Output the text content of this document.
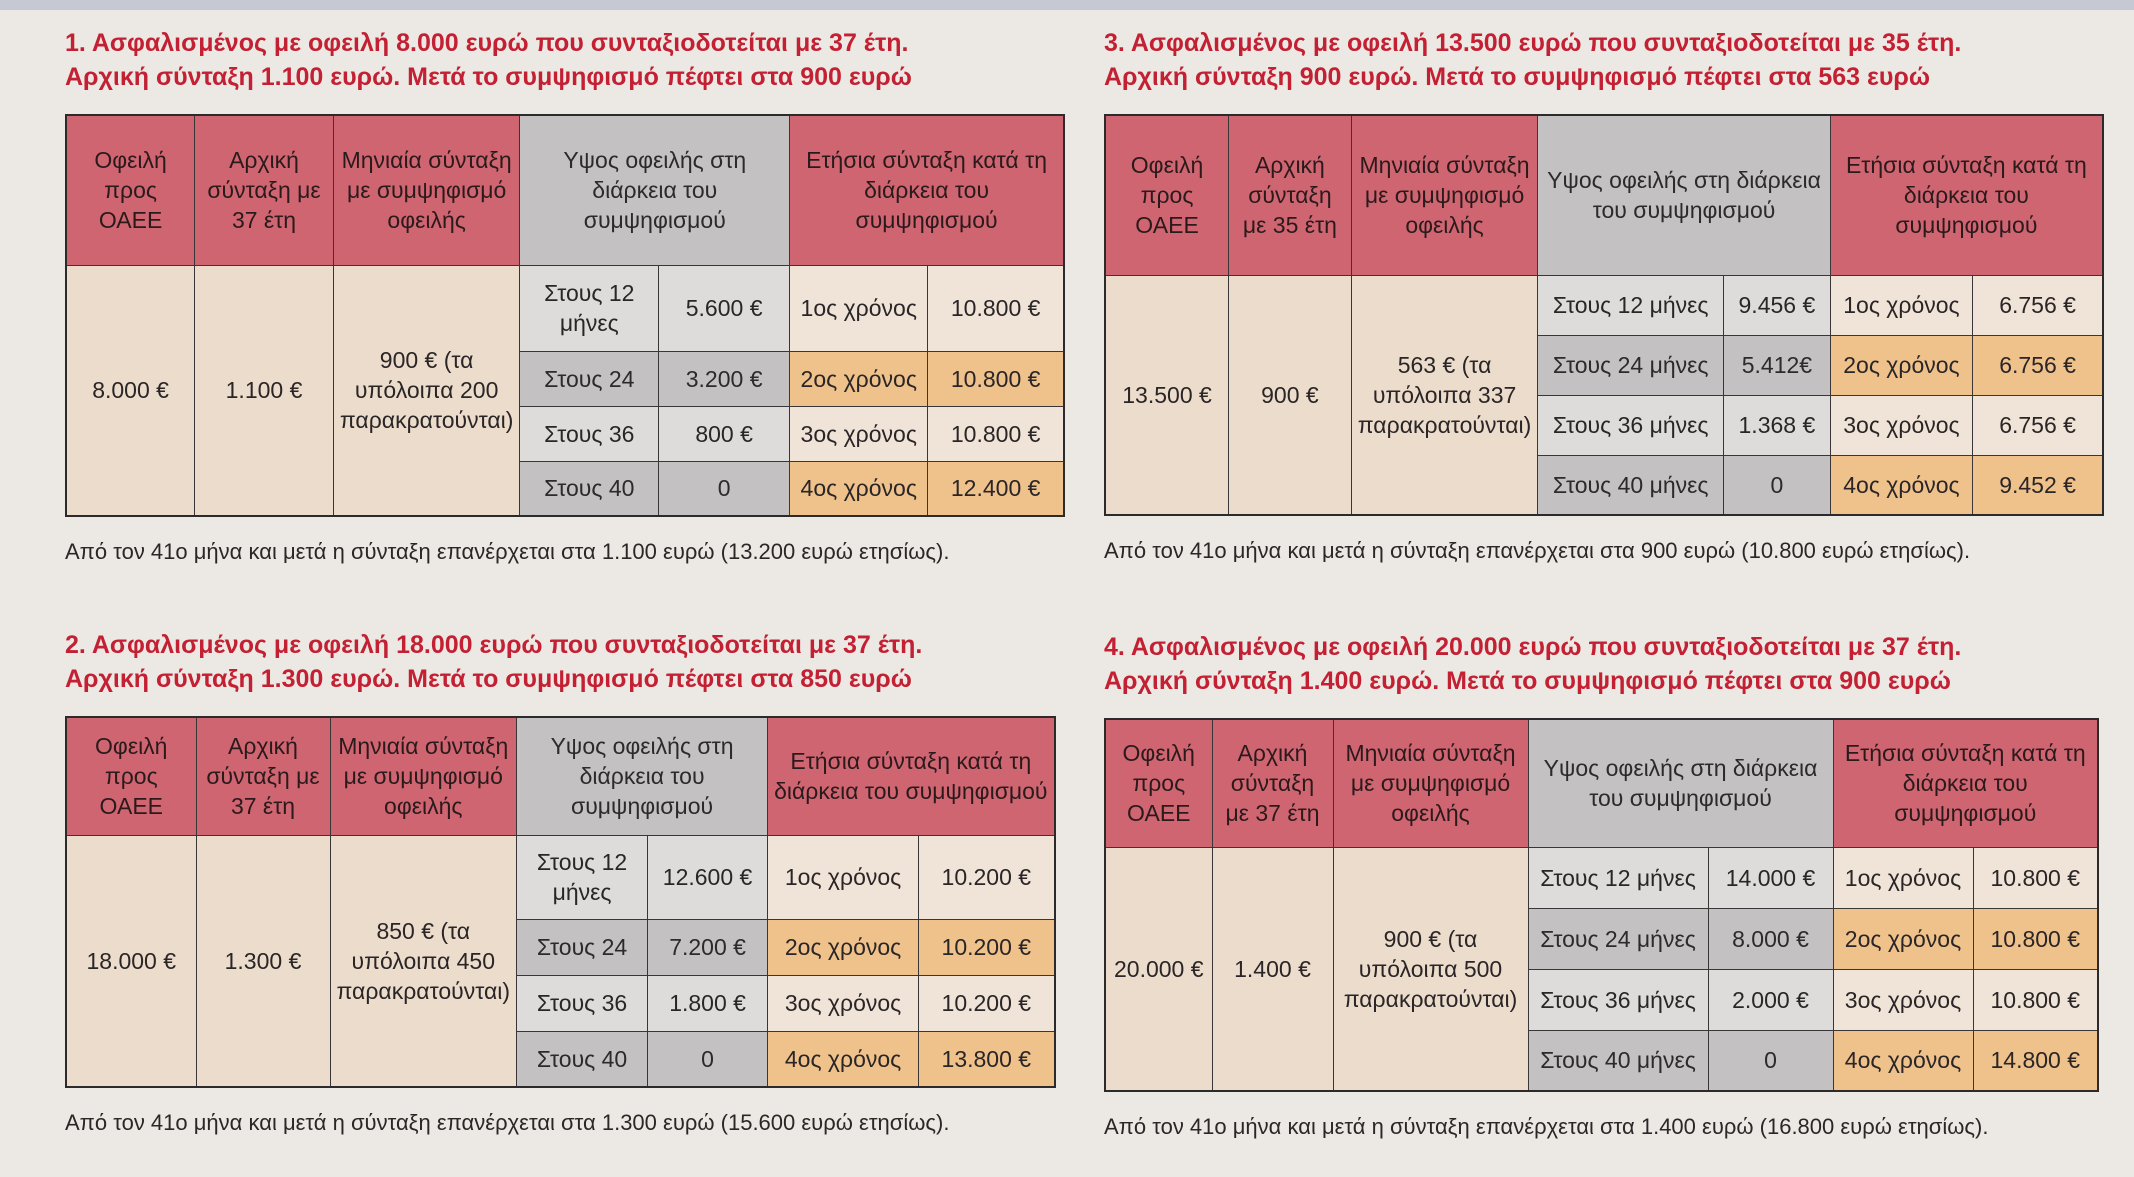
1. Ασφαλισμένος με οφειλή 8.000 ευρώ που συνταξιοδοτείται με 37 έτη.

Αρχική σύνταξη 1.100 ευρώ. Μετά το συμψηφισμό πέφτει στα 900 ευρώ

Οφειλή προς ΟΑΕΕ	Αρχική σύνταξη με 37 έτη	Μηνιαία σύνταξη με συμψηφισμό οφειλής	Υψος οφειλής στη διάρκεια του συμψηφισμού		Ετήσια σύνταξη κατά τη διάρκεια του συμψηφισμού	
8.000 €	1.100 €	900 € (τα υπόλοιπα 200 παρακρατούνται)	Στους 12 μήνες	5.600 €	1ος χρόνος	10.800 €
			Στους 24	3.200 €	2ος χρόνος	10.800 €
			Στους 36	800 €	3ος χρόνος	10.800 €
			Στους 40	0	4ος χρόνος	12.400 €
Από τον 41ο μήνα και μετά η σύνταξη επανέρχεται στα 1.100 ευρώ (13.200 ευρώ ετησίως).

2. Ασφαλισμένος με οφειλή 18.000 ευρώ που συνταξιοδοτείται με 37 έτη.

Αρχική σύνταξη 1.300 ευρώ. Μετά το συμψηφισμό πέφτει στα 850 ευρώ

Οφειλή προς ΟΑΕΕ	Αρχική σύνταξη με 37 έτη	Μηνιαία σύνταξη με συμψηφισμό οφειλής	Υψος οφειλής στη διάρκεια του συμψηφισμού		Ετήσια σύνταξη κατά τη διάρκεια του συμψηφισμού	
18.000 €	1.300 €	850 € (τα υπόλοιπα 450 παρακρατούνται)	Στους 12 μήνες	12.600 €	1ος χρόνος	10.200 €
			Στους 24	7.200 €	2ος χρόνος	10.200 €
			Στους 36	1.800 €	3ος χρόνος	10.200 €
			Στους 40	0	4ος χρόνος	13.800 €
Από τον 41ο μήνα και μετά η σύνταξη επανέρχεται στα 1.300 ευρώ (15.600 ευρώ ετησίως).

3. Ασφαλισμένος με οφειλή 13.500 ευρώ που συνταξιοδοτείται με 35 έτη.

Αρχική σύνταξη 900 ευρώ. Μετά το συμψηφισμό πέφτει στα 563 ευρώ

Οφειλή προς ΟΑΕΕ	Αρχική σύνταξη με 35 έτη	Μηνιαία σύνταξη με συμψηφισμό οφειλής	Υψος οφειλής στη διάρκεια του συμψηφισμού		Ετήσια σύνταξη κατά τη διάρκεια του συμψηφισμού	
13.500 €	900 €	563 € (τα υπόλοιπα 337 παρακρατούνται)	Στους 12 μήνες	9.456 €	1ος χρόνος	6.756 €
			Στους 24 μήνες	5.412€	2ος χρόνος	6.756 €
			Στους 36 μήνες	1.368 €	3ος χρόνος	6.756 €
			Στους 40 μήνες	0	4ος χρόνος	9.452 €
Από τον 41ο μήνα και μετά η σύνταξη επανέρχεται στα 900 ευρώ (10.800 ευρώ ετησίως).

4. Ασφαλισμένος με οφειλή 20.000 ευρώ που συνταξιοδοτείται με 37 έτη.

Αρχική σύνταξη 1.400 ευρώ. Μετά το συμψηφισμό πέφτει στα 900 ευρώ

Οφειλή προς ΟΑΕΕ	Αρχική σύνταξη με 37 έτη	Μηνιαία σύνταξη με συμψηφισμό οφειλής	Υψος οφειλής στη διάρκεια του συμψηφισμού		Ετήσια σύνταξη κατά τη διάρκεια του συμψηφισμού	
20.000 €	1.400 €	900 € (τα υπόλοιπα 500 παρακρατούνται)	Στους 12 μήνες	14.000 €	1ος χρόνος	10.800 €
			Στους 24 μήνες	8.000 €	2ος χρόνος	10.800 €
			Στους 36 μήνες	2.000 €	3ος χρόνος	10.800 €
			Στους 40 μήνες	0	4ος χρόνος	14.800 €
Από τον 41ο μήνα και μετά η σύνταξη επανέρχεται στα 1.400 ευρώ (16.800 ευρώ ετησίως).
